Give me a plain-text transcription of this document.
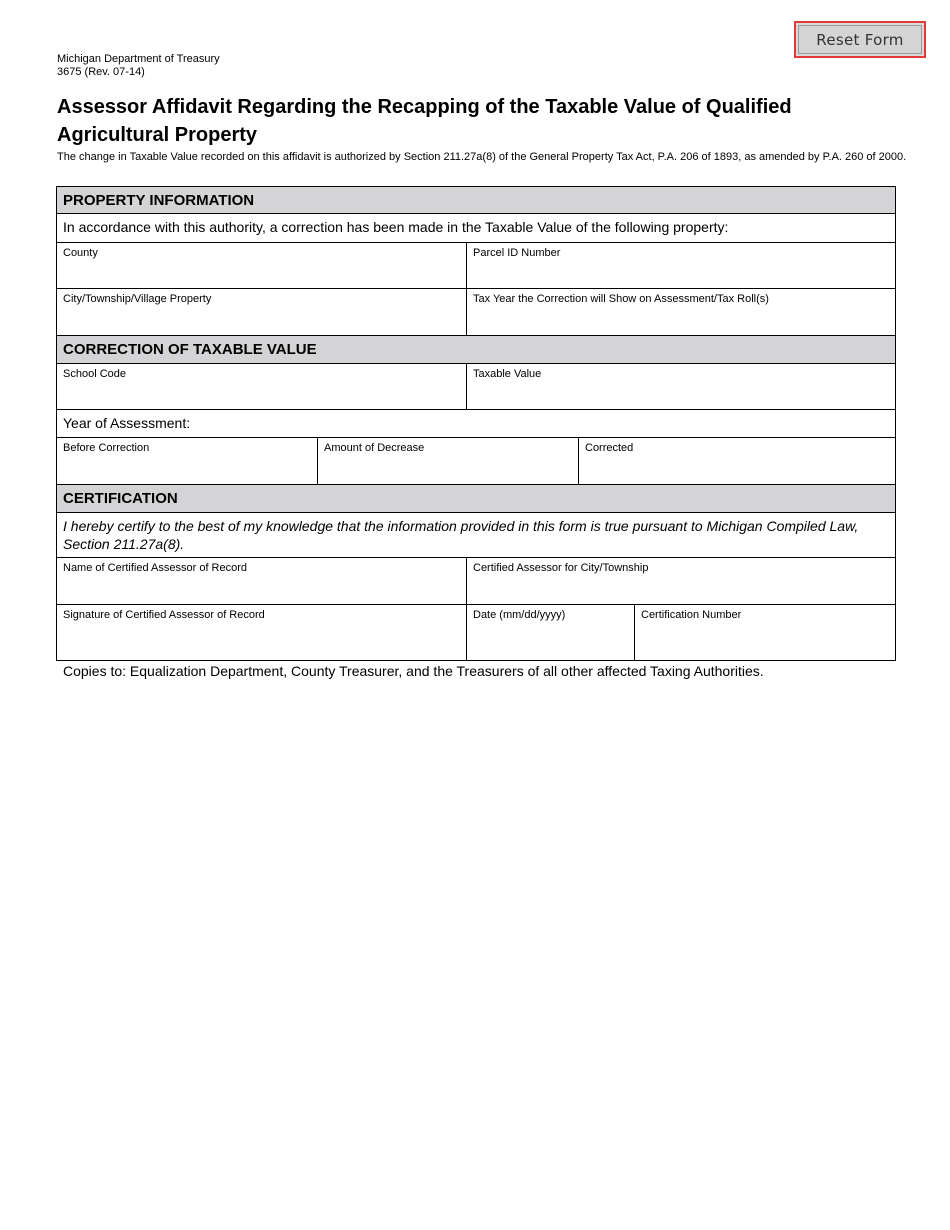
Reset Form
Michigan Department of Treasury
3675 (Rev. 07-14)
Assessor Affidavit Regarding the Recapping of the Taxable Value of Qualified Agricultural Property
The change in Taxable Value recorded on this affidavit is authorized by Section 211.27a(8) of the General Property Tax Act, P.A. 206 of 1893, as amended by P.A. 260 of 2000.
PROPERTY INFORMATION
In accordance with this authority, a correction has been made in the Taxable Value of the following property:
County	Parcel ID Number
City/Township/Village Property	Tax Year the Correction will Show on Assessment/Tax Roll(s)
CORRECTION OF TAXABLE VALUE
School Code	Taxable Value
Year of Assessment:
Before Correction	Amount of Decrease	Corrected
CERTIFICATION
I hereby certify to the best of my knowledge that the information provided in this form is true pursuant to Michigan Compiled Law, Section 211.27a(8).
Name of Certified Assessor of Record	Certified Assessor for City/Township
Signature of Certified Assessor of Record	Date (mm/dd/yyyy)	Certification Number
Copies to: Equalization Department, County Treasurer, and the Treasurers of all other affected Taxing Authorities.
